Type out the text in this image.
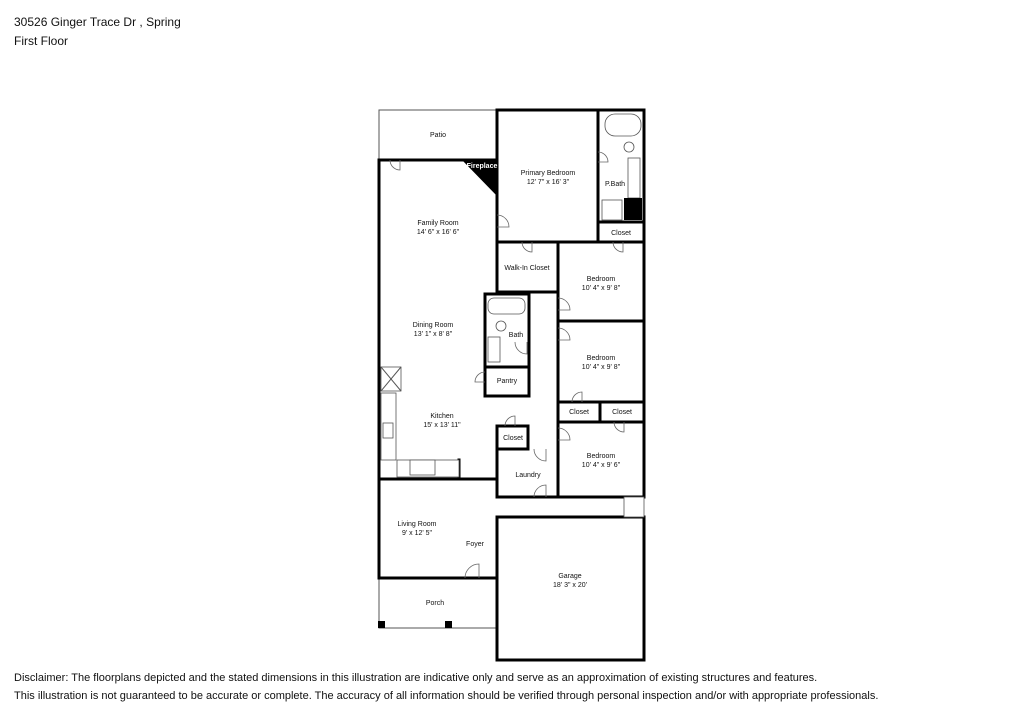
30526 Ginger Trace Dr , Spring
First Floor
Patio
Fireplace
Primary Bedroom
12' 7" x 16' 3"	P.Bath
Closet
Family Room
14' 6" x 16' 6"
Walk-In Closet
Bedroom
10' 4" x 9' 8"
Dining Room
13' 1" x 8' 8"	Bath
Bedroom
10' 4" x 9' 8"
Pantry
Closet	Closet
Kitchen
15' x 13' 11"
Closet
Bedroom
10' 4" x 9' 6"
Laundry
Living Room
9' x 12' 5"
Foyer
Garage
18' 3" x 20'
Porch
Disclaimer: The floorplans depicted and the stated dimensions in this illustration are indicative only and serve as an approximation of existing structures and features.
This illustration is not guaranteed to be accurate or complete. The accuracy of all information should be verified through personal inspection and/or with appropriate professionals.
